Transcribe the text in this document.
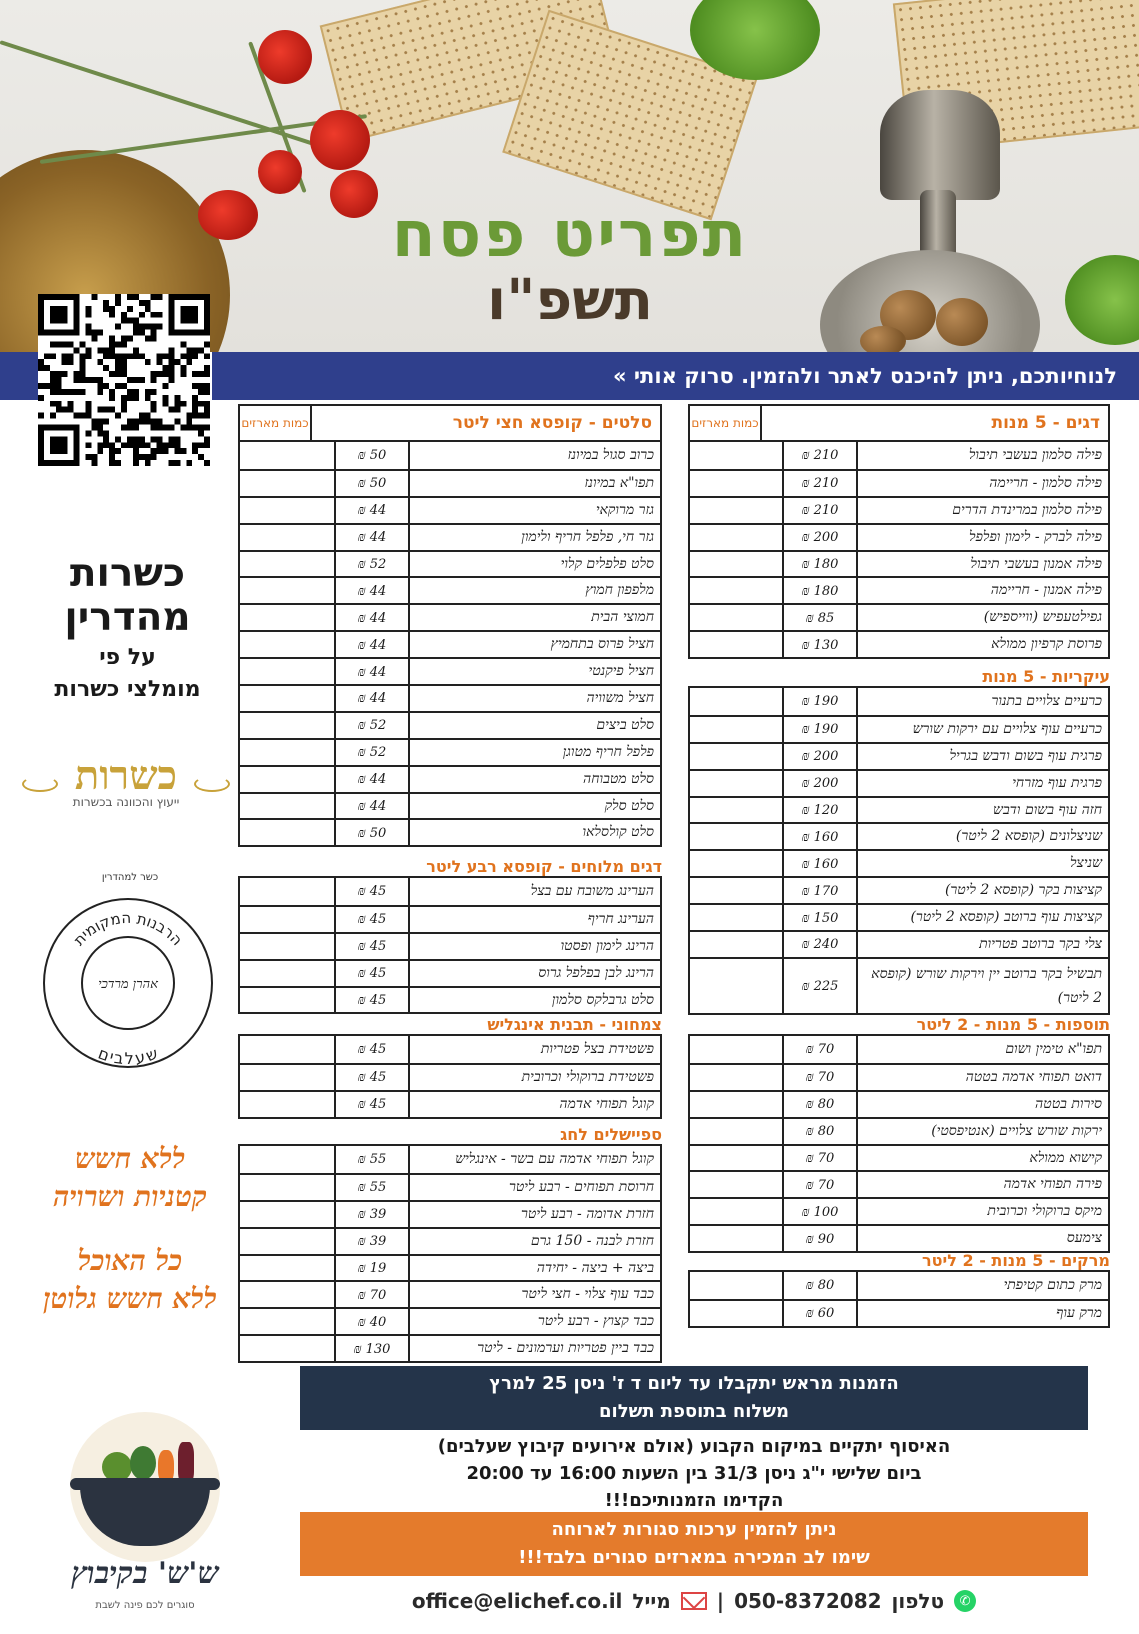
תפריט פסח
תשפ"ו
לנוחיותכם, ניתן להיכנס לאתר ולהזמין. סרוק אותי »
סלטים - קופסא חצי ליטר
כמות מארזים
כרוב סגול במיונז
50 ₪
תפו"א במיונז
50 ₪
גזר מרוקאי
44 ₪
גזר חי, פלפל חריף ולימון
44 ₪
סלט פלפלים קלוי
52 ₪
מלפפון חמוץ
44 ₪
חמוצי הבית
44 ₪
חציל פרוס בתחמיץ
44 ₪
חציל פיקנטי
44 ₪
חציל משוויה
44 ₪
סלט ביצים
52 ₪
פלפל חריף מטוגן
52 ₪
סלט מטבוחה
44 ₪
סלט סלק
44 ₪
סלט קולסלאו
50 ₪
דגים מלוחים - קופסא רבע ליטר
הערינג משובח עם בצל
45 ₪
הערינג חריף
45 ₪
הרינג לימון ופסטו
45 ₪
הרינג לבן בפלפל גרוס
45 ₪
סלט גרבלקס סלמון
45 ₪
צמחוני - תבנית אינגליש
פשטידת בצל פטריות
45 ₪
פשטידת ברוקולי וכרובית
45 ₪
קוגל תפוחי אדמה
45 ₪
ספיישלים לחג
קוגל תפוחי אדמה עם בשר - אינגליש
55 ₪
חרוסת תפוחים - רבע ליטר
55 ₪
חזרת אדומה - רבע ליטר
39 ₪
חזרת לבנה - 150 גרם
39 ₪
ביצה + ביצה - יחידה
19 ₪
כבד עוף צלוי - חצי ליטר
70 ₪
כבד קצוץ - רבע ליטר
40 ₪
כבד ביין פטריות וערמונים - ליטר
130 ₪
דגים - 5 מנות
כמות מארזים
פילה סלמון בעשבי תיבול
210 ₪
פילה סלמון - חריימה
210 ₪
פילה סלמון במרינדת הדרים
210 ₪
פילה לברק - לימון ופלפל
200 ₪
פילה אמנון בעשבי תיבול
180 ₪
פילה אמנון - חריימה
180 ₪
גפילטעפיש (ווייספיש)
85 ₪
פרוסת קרפיון ממולא
130 ₪
עיקריות - 5 מנות
כרעיים צלויים בתנור
190 ₪
כרעיים עוף צלויים עם ירקות שורש
190 ₪
פרגית עוף בשום ודבש בגריל
200 ₪
פרגית עוף מזרחי
200 ₪
חזה עוף בשום ודבש
120 ₪
שניצלונים (קופסא 2 ליטר)
160 ₪
שניצל
160 ₪
קציצות בקר (קופסא 2 ליטר)
170 ₪
קציצות עוף ברוטב (קופסא 2 ליטר)
150 ₪
צלי בקר ברוטב פטריות
240 ₪
תבשיל בקר ברוטב יין וירקות שורש (קופסא 2 ליטר)
225 ₪
תוספות - 5 מנות - 2 ליטר
תפו"א טימין ושום
70 ₪
דואט תפוחי אדמה בטטה
70 ₪
סירות בטטה
80 ₪
ירקות שורש צלויים (אנטיפסטי)
80 ₪
קישוא ממולא
70 ₪
פירה תפוחי אדמה
70 ₪
מיקס ברוקולי וכרובית
100 ₪
צימעס
90 ₪
מרקים - 5 מנות - 2 ליטר
מרק כתום קטיפתי
80 ₪
מרק עוף
60 ₪
כשרות
מהדרין
על פי
מומלצי כשרות
כשרות
ייעוץ והכוונה בכשרות
כשר למהדרין
הרבנות המקומית
שעלבים
אהרן מרדכי
ללא חשש
קטניות ושרויה
כל האוכל
ללא חשש גלוטן
הזמנות מראש יתקבלו עד ליום ד ז' ניסן 25 למרץ
משלוח בתוספת תשלום
האיסוף יתקיים במיקום הקבוע (אולם אירועים קיבוץ שעלבים)
ביום שלישי י"ג ניסן 31/3 בין השעות 16:00 עד 20:00
הקדימו הזמנותיכם!!!
ניתן להזמין ערכות סגורות לארוחה
שימו לב המכירה במארזים סגורים בלבד!!!
✆
טלפון
050-8372082
|
מייל
office@elichef.co.il
ש'ש' בקיבוץ
סוגרים לכם פינה לשבת
